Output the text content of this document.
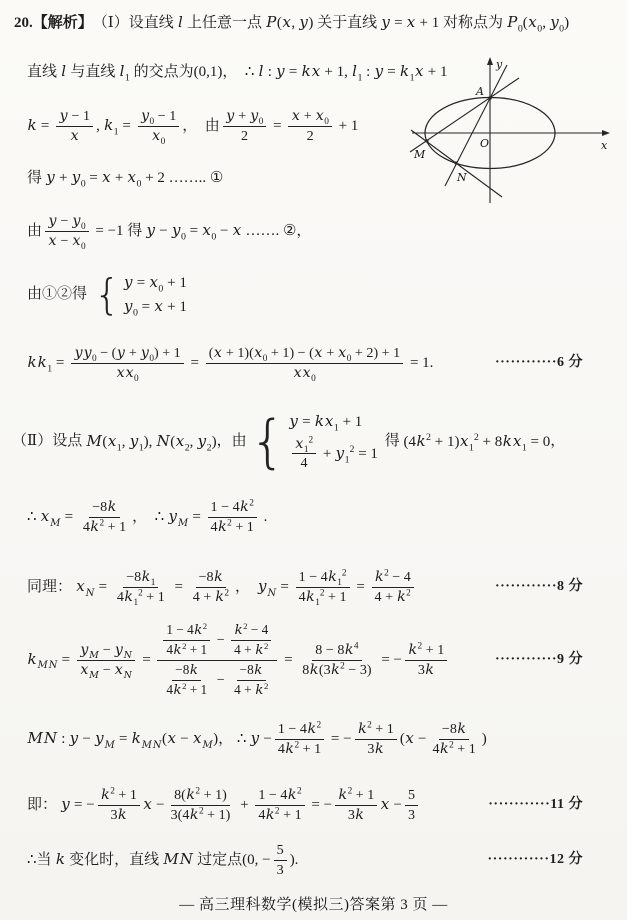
20.【解析】 （Ⅰ）设直线 l 上任意一点 P(x, y) 关于直线 y = x + 1 对称点为 $P_0(x_0$, $y_0$)
直线 l 与直线 $l_1$ 的交点为 (0,1) ， ∴ l : y = kx + 1, $l_1$ : $y = k_1x + 1$
$k = \frac{y - 1}{x}$ , $k_1 = \frac{y_0 - 1}{x_0}$ ，  由 $\frac{y + y_0}{2} = \frac{x + x_0}{2} + 1$
得 $y + y_0 = x + x_0 + 2$ …….. ①
由 $\frac{y - y_0}{x - x_0} = -1$ 得 $y - y_0 = x_0 - x$ ……. ②，
由①②得 { $y = x_0 + 1$
$y_0 = x + 1$
$kk_1 = \frac{yy_0 - (y + y_0) + 1}{xx_0} = \frac{(x + 1)(x_0 + 1) - (x + x_0 + 2) + 1}{xx_0} = 1$.	············6 分
（Ⅱ）设点 $M(x_1$, $y_1$), $N(x_2$, $y_2$) ，由 { $y = kx_1 + 1$
$\frac{x_1^2}{4} + y_1^2 = 1$
得 $(4k^2 + 1)x_1^2 + 8kx_1 = 0$ ，
∴ $x_M = \frac{-8k}{4k^2 + 1}$ ， ∴ $y_M = \frac{1 - 4k^2}{4k^2 + 1}$ .
同理： $x_N = \frac{-8k_1}{4k_1^2 + 1} = \frac{-8k}{4 + k^2}$ ， $y_N = \frac{1 - 4k_1^2}{4k_1^2 + 1} = \frac{k^2 - 4}{4 + k^2}$	············8 分
$k_{MN} = \frac{y_M - y_N}{x_M - x_N} = \frac{\frac{1 - 4k^2}{4k^2 + 1} - \frac{k^2 - 4}{4 + k^2}}{\frac{-8k}{4k^2 + 1} - \frac{-8k}{4 + k^2}} = \frac{8 - 8k^4}{8k(3k^2 - 3)}$ = − $\frac{k^2 + 1}{3k}$	············9 分
MN : $y - y_M = k_{MN}(x - x_M)$ ， ∴ $y - \frac{1 - 4k^2}{4k^2 + 1}$ = − $\frac{k^2 + 1}{3k} (x - \frac{-8k}{4k^2 + 1}$ )
即： y = − $\frac{k^2 + 1}{3k}$ $x - \frac{8(k^2 + 1)}{3(4k^2 + 1)} + \frac{1 - 4k^2}{4k^2 + 1}$ = − $\frac{k^2 + 1}{3k}$ $x - \frac{5}{3}$	············11 分
∴ 当 k 变化时，直线 MN 过定点 (0, − $\frac{5}{3}$ ).	············12 分
y
x
A
O
M
N
— 高三理科数学(模拟三)答案第 3 页 —
